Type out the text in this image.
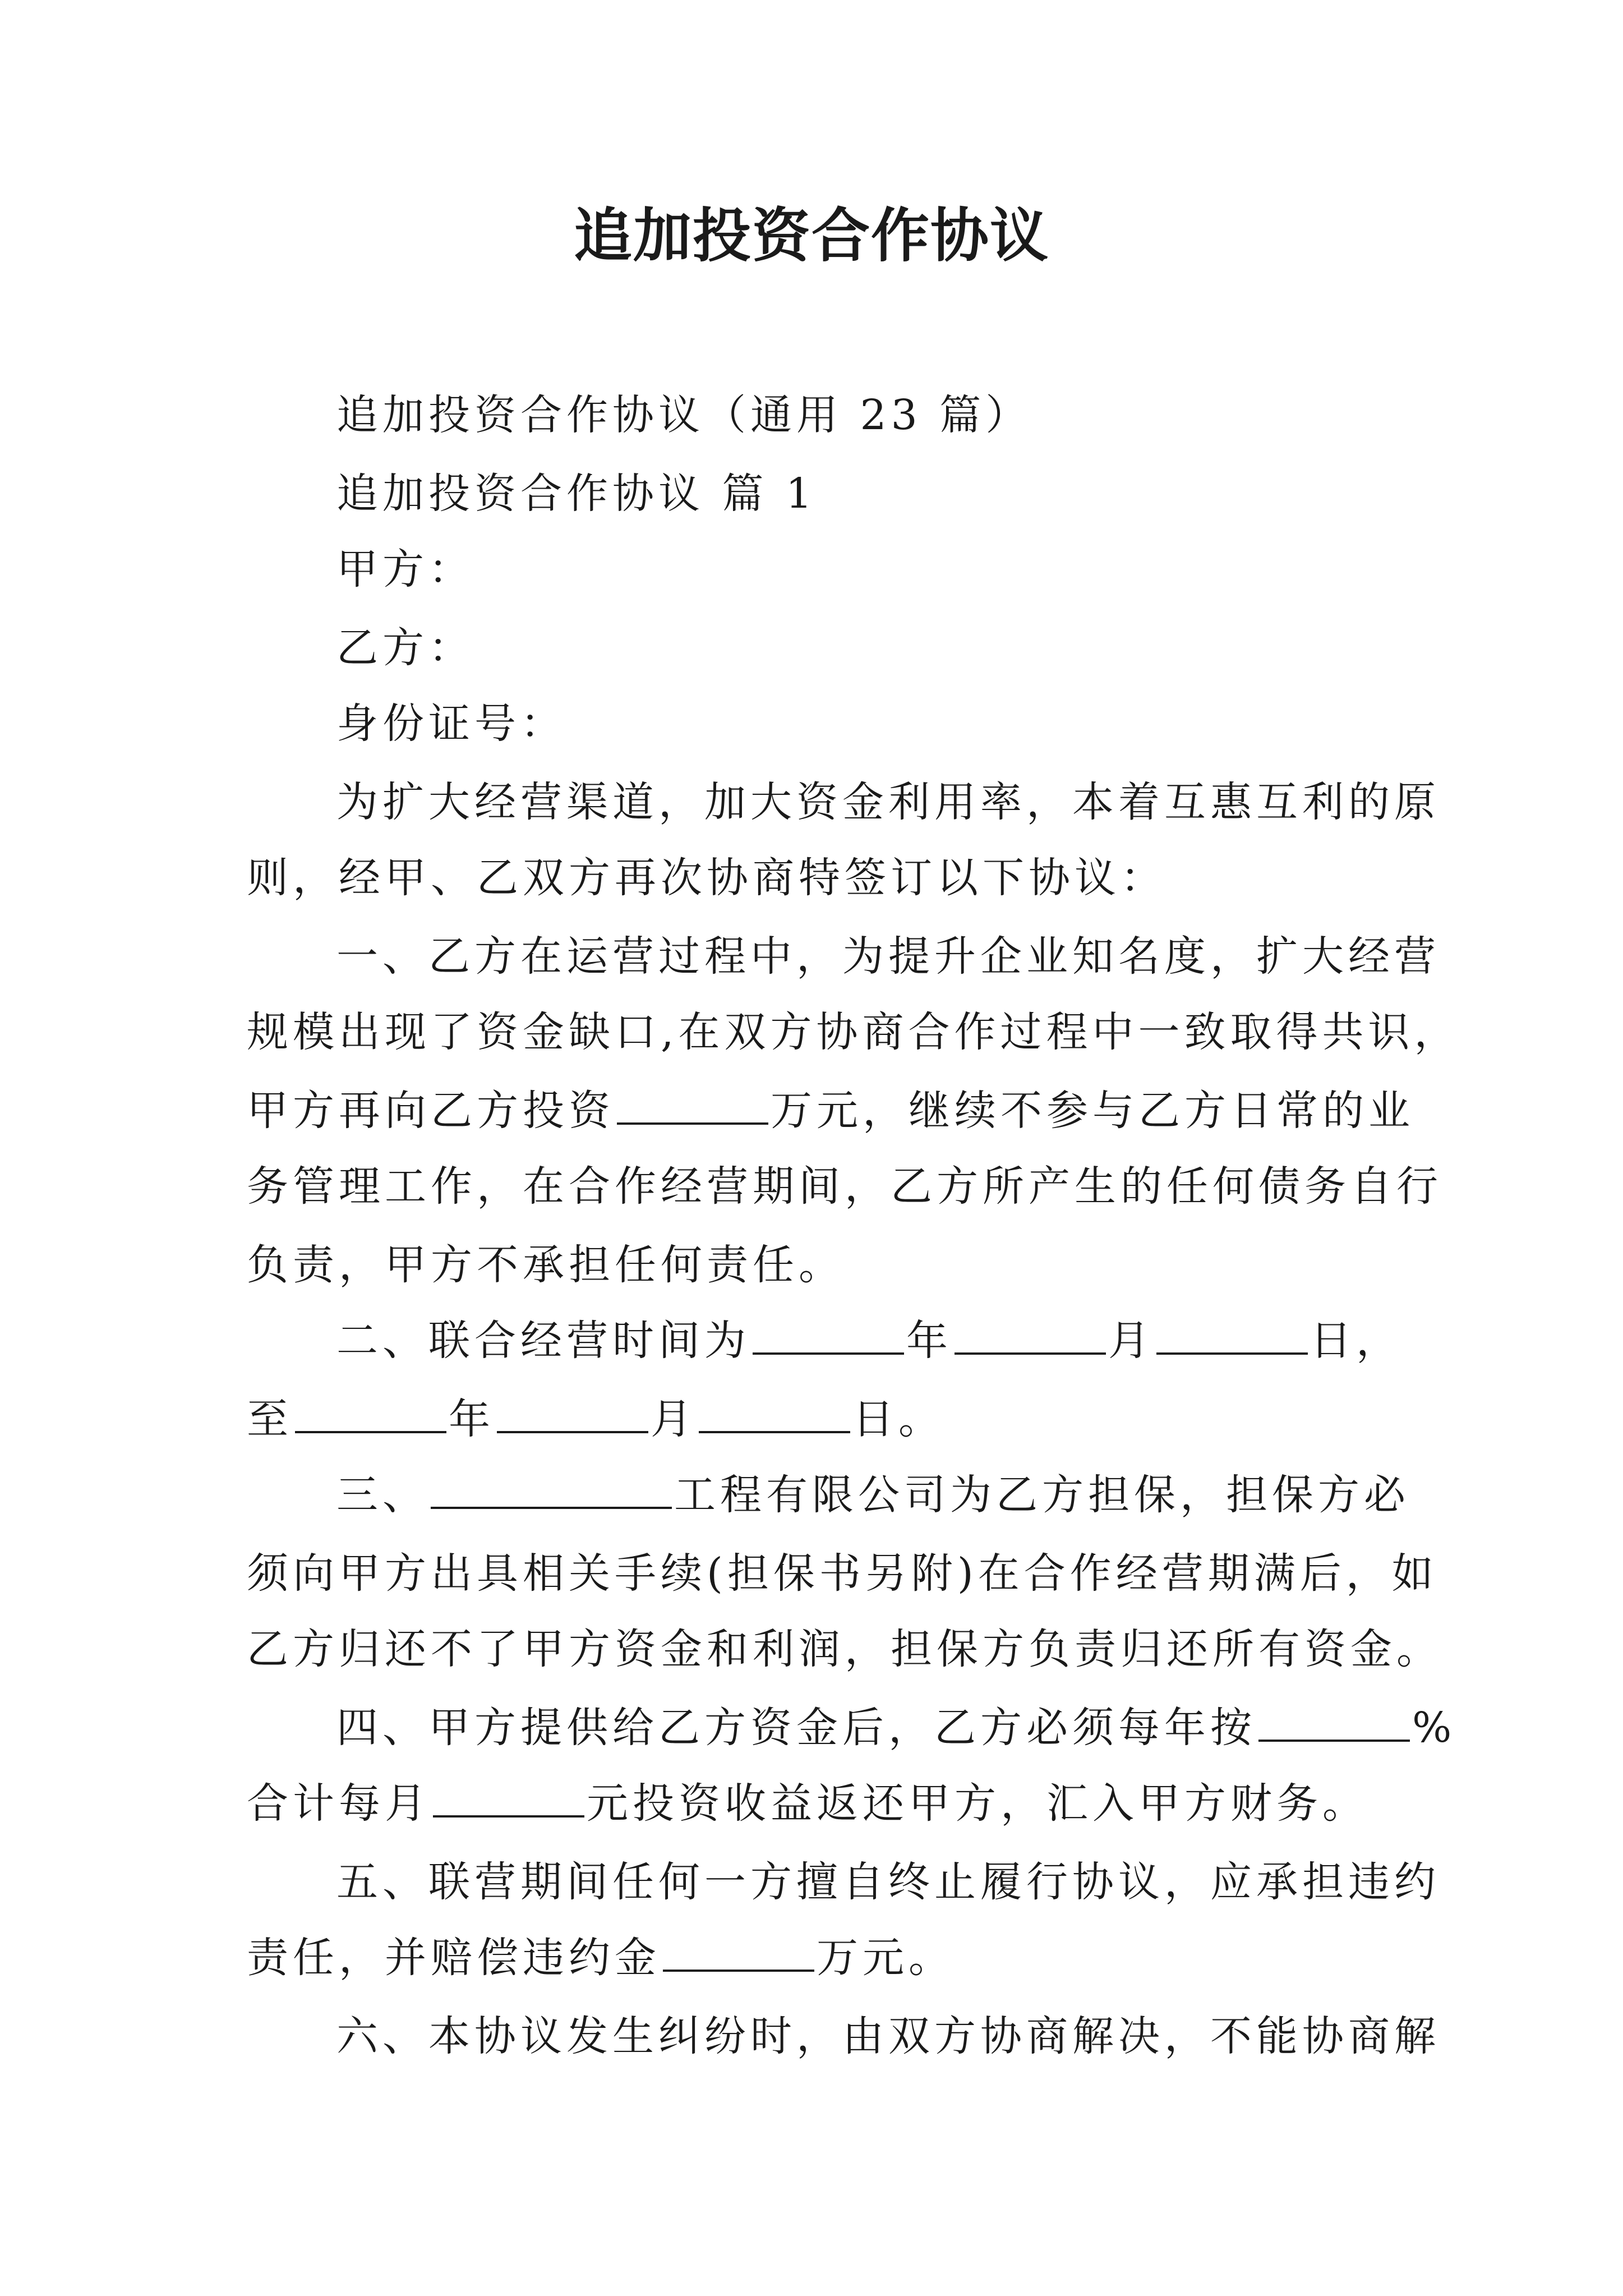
追加投资合作协议
追加投资合作协议（通用 23 篇）
追加投资合作协议 篇 1
甲方：
乙方：
身份证号：
为扩大经营渠道，加大资金利用率，本着互惠互利的原
则，经甲、乙双方再次协商特签订以下协议：
一、乙方在运营过程中，为提升企业知名度，扩大经营
规模出现了资金缺口,在双方协商合作过程中一致取得共识，
甲方再向乙方投资	万元，继续不参与乙方日常的业
务管理工作，在合作经营期间，乙方所产生的任何债务自行
负责，甲方不承担任何责任。
二、联合经营时间为	年	月	日，
至	年	月	日。
三、	工程有限公司为乙方担保，担保方必
须向甲方出具相关手续(担保书另附)在合作经营期满后，如
乙方归还不了甲方资金和利润，担保方负责归还所有资金。
四、甲方提供给乙方资金后，乙方必须每年按	%
合计每月	元投资收益返还甲方，汇入甲方财务。
五、联营期间任何一方擅自终止履行协议，应承担违约
责任，并赔偿违约金	万元。
六、本协议发生纠纷时，由双方协商解决，不能协商解
